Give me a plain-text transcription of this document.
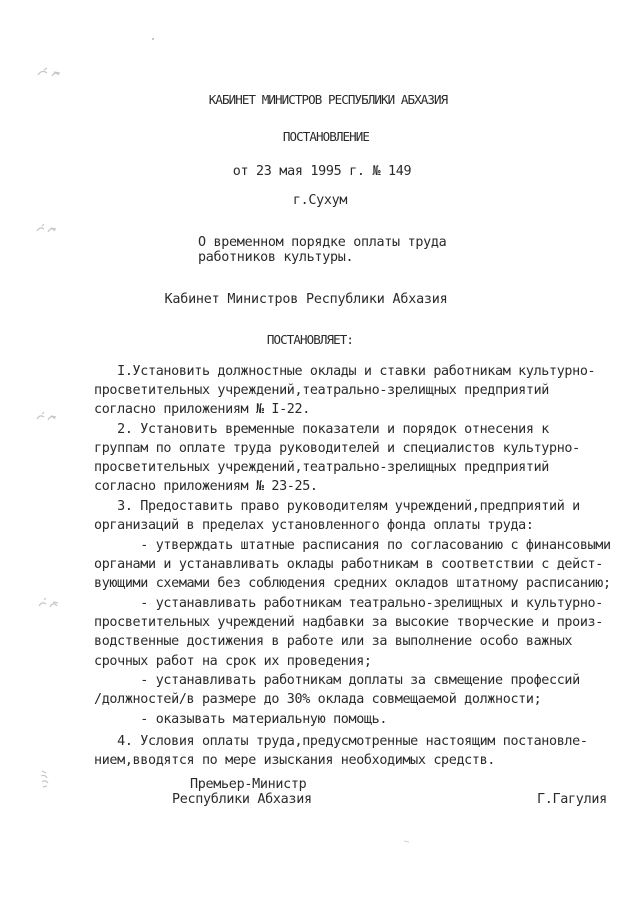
КАБИНЕТ МИНИСТРОВ РЕСПУБЛИКИ АБХАЗИЯ
ПОСТАНОВЛЕНИЕ
от 23 мая 1995 г. № 149
г.Сухум
О временном порядке оплаты труда
работников культуры.
Кабинет Министров Республики Абхазия
ПОСТАНОВЛЯЕТ:
I.Установить должностные оклады и ставки работникам культурно-
просветительных учреждений,театрально-зрелищных предприятий
согласно приложениям № I-22.
2. Установить временные показатели и порядок отнесения к
группам по оплате труда руководителей и специалистов культурно-
просветительных учреждений,театрально-зрелищных предприятий
согласно приложениям № 23-25.
3. Предоставить право руководителям учреждений,предприятий и
организаций в пределах установленного фонда оплаты труда:
- утверждать штатные расписания по согласованию с финансовыми
органами и устанавливать оклады работникам в соответствии с дейст-
вующими схемами без соблюдения средних окладов штатному расписанию;
- устанавливать работникам театрально-зрелищных и культурно-
просветительных учреждений надбавки за высокие творческие и произ-
водственные достижения в работе или за выполнение особо важных
срочных работ на срок их проведения;
- устанавливать работникам доплаты за свмещение профессий
/должностей/в размере до 30% оклада совмещаемой должности;
- оказывать материальную помощь.
4. Условия оплаты труда,предусмотренные настоящим постановле-
нием,вводятся по мере изыскания необходимых средств.
Премьер-Министр
Республики Абхазия	Г.Гагулия
